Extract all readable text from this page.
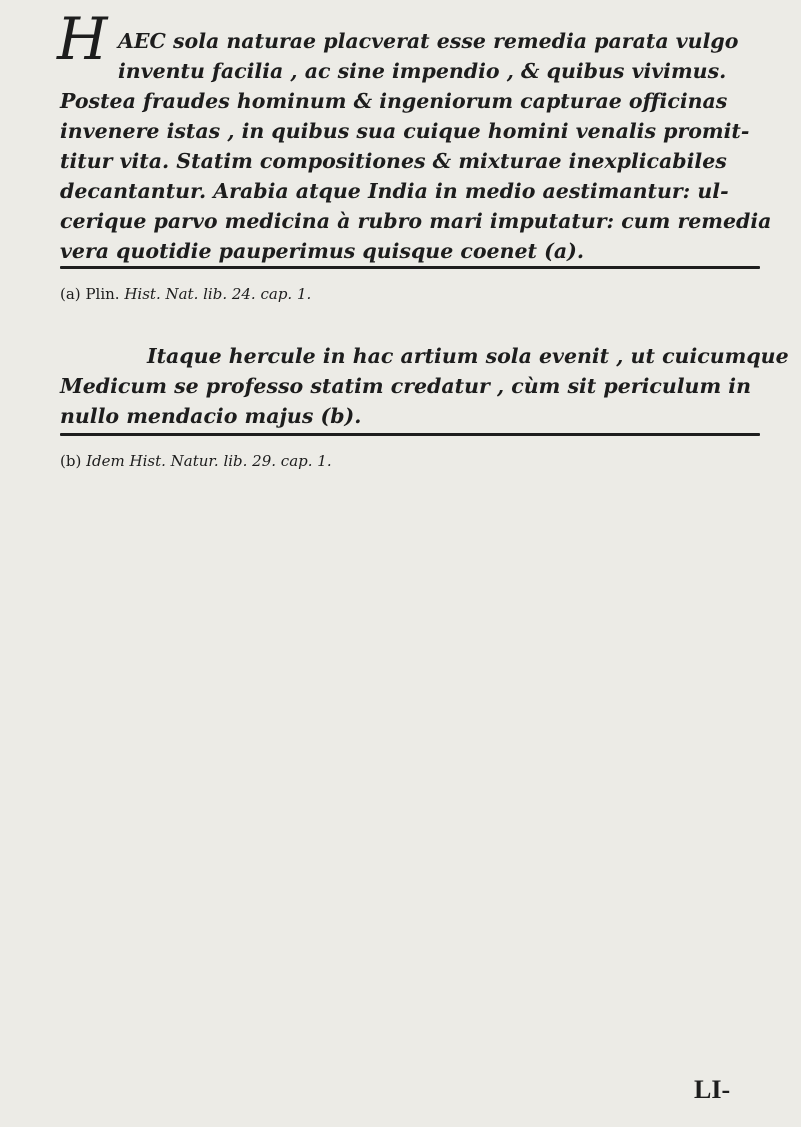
H AEC sola naturae placverat esse remedia parata vulgo
inventu facilia , ac sine impendio , & quibus vivimus.
Postea fraudes hominum & ingeniorum capturae officinas
invenere istas , in quibus sua cuique homini venalis promit-
titur vita. Statim compositiones & mixturae inexplicabiles
decantantur. Arabia atque India in medio aestimantur: ul-
cerique parvo medicina à rubro mari imputatur: cum remedia
vera quotidie pauperimus quisque coenet (a).
(a) Plin. Hist. Nat. lib. 24. cap. 1.
Itaque hercule in hac artium sola evenit , ut cuicumque
Medicum se professo statim credatur , cùm sit periculum in
nullo mendacio majus (b).
(b) Idem Hist. Natur. lib. 29. cap. 1.
LI-
